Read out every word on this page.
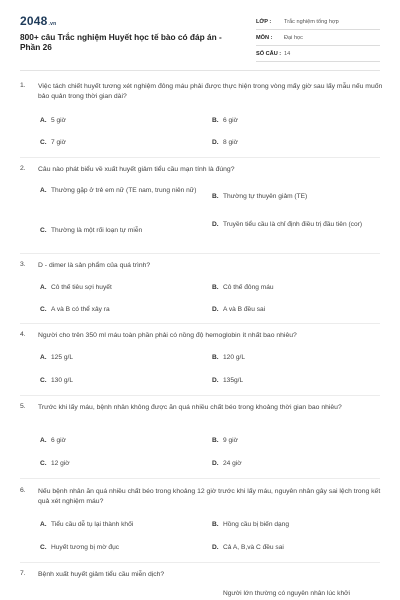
2048.vn
800+ câu Trắc nghiệm Huyết học tế bào có đáp án - Phần 26
LỚP :	Trắc nghiệm tổng hợp
MÔN :	Đại học
SỐ CÂU : 14
1. Việc tách chiết huyết tương xét nghiệm đông máu phải được thực hiện trong vòng mấy giờ sau lấy mẫu nếu muốn bảo quản trong thời gian dài?
A. 5 giờ	B. 6 giờ
C. 7 giờ	D. 8 giờ
2. Câu nào phát biểu về xuất huyết giảm tiểu cầu mạn tính là đúng?
A. Thường gặp ở trẻ em nữ (TE nam, trung niên nữ)
B. Thường tự thuyên giảm (TE)
C. Thường là một rối loạn tự miễn
D. Truyền tiểu cầu là chỉ định điều trị đầu tiên (cor)
3. D - dimer là sản phẩm của quá trình?
A. Cô thế tiêu sợi huyết	B. Cô thế đông máu
C. A và B có thể xảy ra	D. A và B đều sai
4. Người cho trên 350 ml máu toàn phần phải có nồng độ hemoglobin ít nhất bao nhiêu?
A. 125 g/L	B. 120 g/L
C. 130 g/L	D. 135g/L
5. Trước khi lấy máu, bệnh nhân không được ăn quá nhiều chất béo trong khoảng thời gian bao nhiêu?
A. 6 giờ	B. 9 giờ
C. 12 giờ	D. 24 giờ
6. Nếu bệnh nhân ăn quá nhiều chất béo trong khoảng 12 giờ trước khi lấy máu, nguyên nhân gây sai lệch trong kết quả xét nghiệm máu?
A. Tiểu cầu dễ tụ lại thành khối	B. Hồng cầu bị biến dạng
C. Huyết tương bị mờ đục	D. Cả A, B,và C đều sai
7. Bệnh xuất huyết giảm tiểu cầu miễn dịch?
Người lớn thường có nguyên nhân lúc khởi
